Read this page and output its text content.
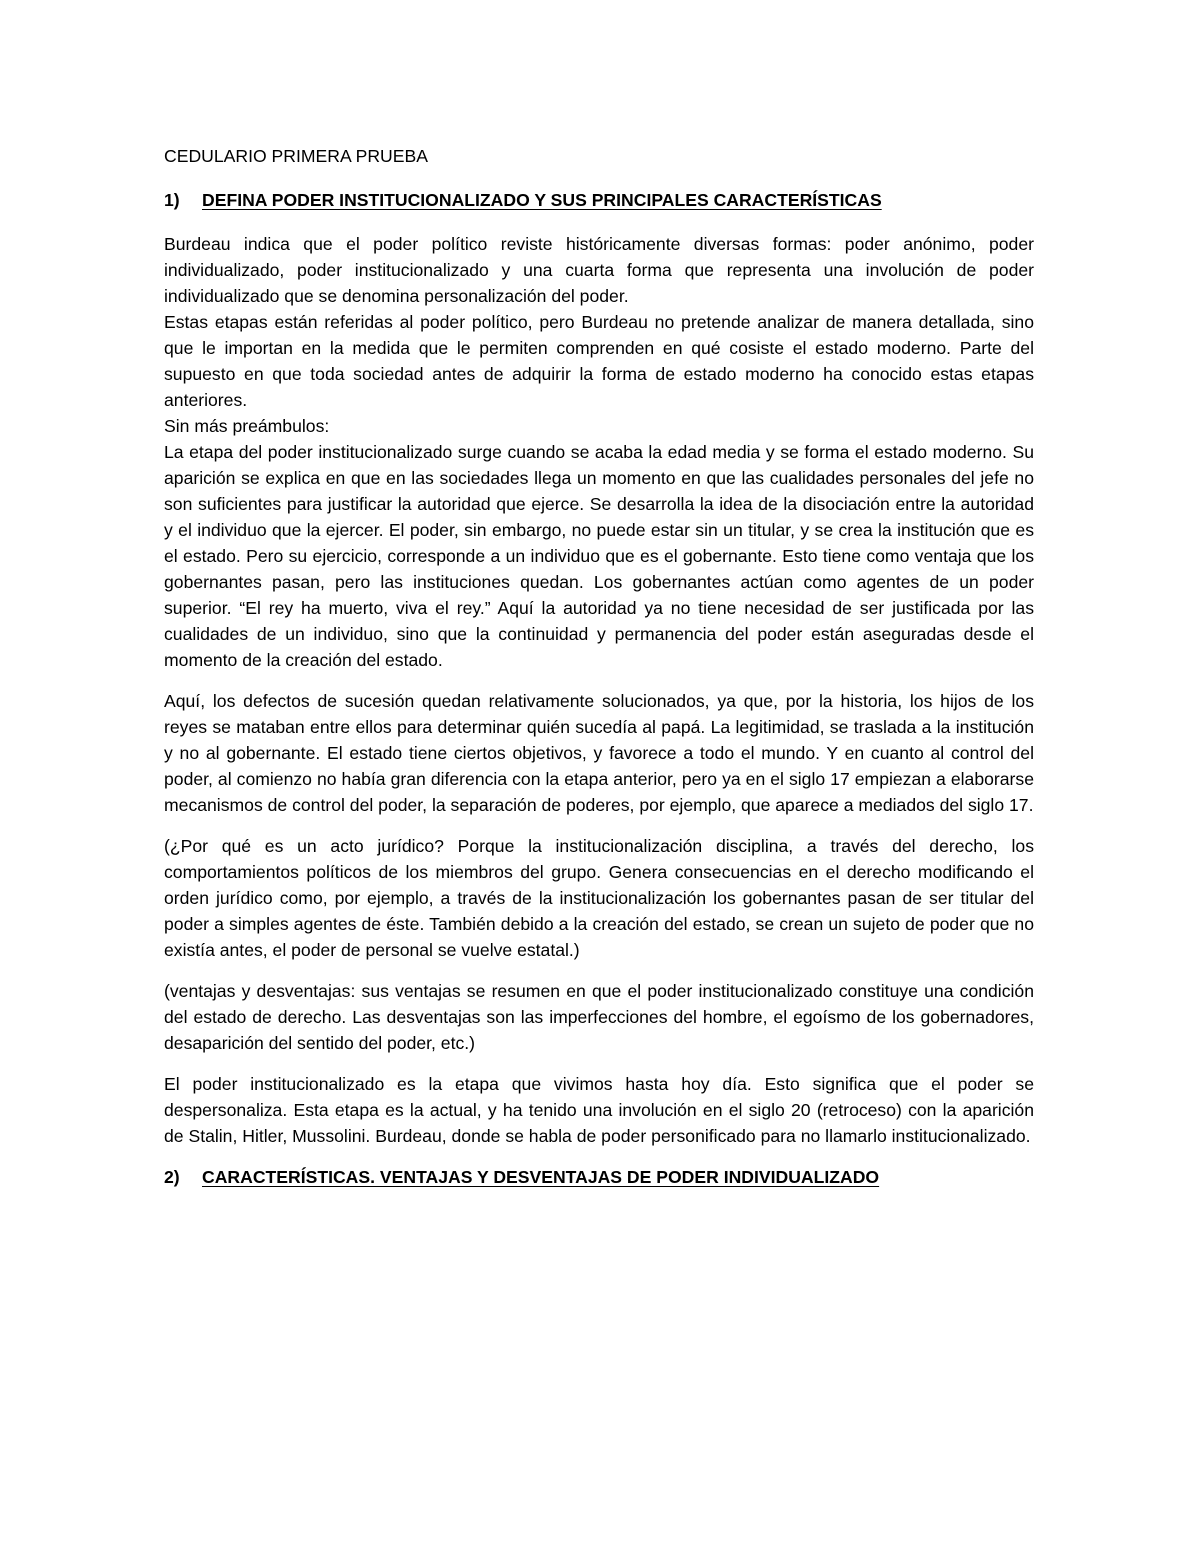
CEDULARIO PRIMERA PRUEBA

1)	DEFINA PODER INSTITUCIONALIZADO Y SUS PRINCIPALES CARACTERÍSTICAS

Burdeau indica que el poder político reviste históricamente diversas formas: poder anónimo, poder individualizado, poder institucionalizado y una cuarta forma que representa una involución de poder individualizado que se denomina personalización del poder.

Estas etapas están referidas al poder político, pero Burdeau no pretende analizar de manera detallada, sino que le importan en la medida que le permiten comprenden en qué cosiste el estado moderno. Parte del supuesto en que toda sociedad antes de adquirir la forma de estado moderno ha conocido estas etapas anteriores.

Sin más preámbulos:

La etapa del poder institucionalizado surge cuando se acaba la edad media y se forma el estado moderno. Su aparición se explica en que en las sociedades llega un momento en que las cualidades personales del jefe no son suficientes para justificar la autoridad que ejerce. Se desarrolla la idea de la disociación entre la autoridad y el individuo que la ejercer. El poder, sin embargo, no puede estar sin un titular, y se crea la institución que es el estado. Pero su ejercicio, corresponde a un individuo que es el gobernante. Esto tiene como ventaja que los gobernantes pasan, pero las instituciones quedan. Los gobernantes actúan como agentes de un poder superior. “El rey ha muerto, viva el rey.” Aquí la autoridad ya no tiene necesidad de ser justificada por las cualidades de un individuo, sino que la continuidad y permanencia del poder están aseguradas desde el momento de la creación del estado.

Aquí, los defectos de sucesión quedan relativamente solucionados, ya que, por la historia, los hijos de los reyes se mataban entre ellos para determinar quién sucedía al papá. La legitimidad, se traslada a la institución y no al gobernante. El estado tiene ciertos objetivos, y favorece a todo el mundo. Y en cuanto al control del poder, al comienzo no había gran diferencia con la etapa anterior, pero ya en el siglo 17 empiezan a elaborarse mecanismos de control del poder, la separación de poderes, por ejemplo, que aparece a mediados del siglo 17.

(¿Por qué es un acto jurídico? Porque la institucionalización disciplina, a través del derecho, los comportamientos políticos de los miembros del grupo. Genera consecuencias en el derecho modificando el orden jurídico como, por ejemplo, a través de la institucionalización los gobernantes pasan de ser titular del poder a simples agentes de éste. También debido a la creación del estado, se crean un sujeto de poder que no existía antes, el poder de personal se vuelve estatal.)

(ventajas y desventajas: sus ventajas se resumen en que el poder institucionalizado constituye una condición del estado de derecho. Las desventajas son las imperfecciones del hombre, el egoísmo de los gobernadores, desaparición del sentido del poder, etc.)

El poder institucionalizado es la etapa que vivimos hasta hoy día. Esto significa que el poder se despersonaliza. Esta etapa es la actual, y ha tenido una involución en el siglo 20 (retroceso) con la aparición de Stalin, Hitler, Mussolini. Burdeau, donde se habla de poder personificado para no llamarlo institucionalizado.

2)	CARACTERÍSTICAS. VENTAJAS Y DESVENTAJAS DE PODER INDIVIDUALIZADO
